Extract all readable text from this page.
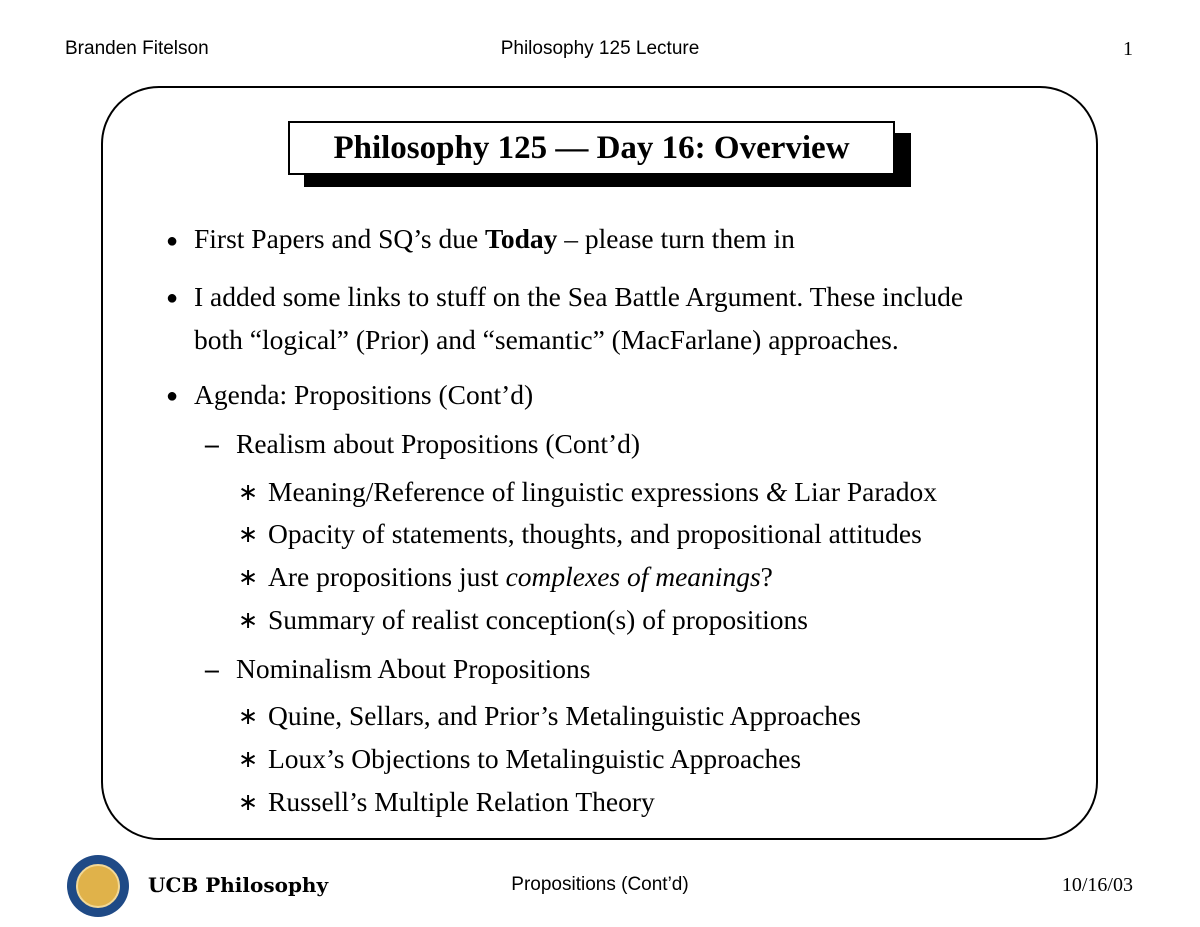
Branden Fitelson	Philosophy 125 Lecture	1
Philosophy 125 — Day 16: Overview
● First Papers and SQ’s due Today – please turn them in
● I added some links to stuff on the Sea Battle Argument. These include
both “logical” (Prior) and “semantic” (MacFarlane) approaches.
● Agenda: Propositions (Cont’d)
– Realism about Propositions (Cont’d)
∗ Meaning/Reference of linguistic expressions & Liar Paradox
∗ Opacity of statements, thoughts, and propositional attitudes
∗ Are propositions just complexes of meanings?
∗ Summary of realist conception(s) of propositions
– Nominalism About Propositions
∗ Quine, Sellars, and Prior’s Metalinguistic Approaches
∗ Loux’s Objections to Metalinguistic Approaches
∗ Russell’s Multiple Relation Theory
UCB Philosophy	Propositions (Cont’d)	10/16/03
